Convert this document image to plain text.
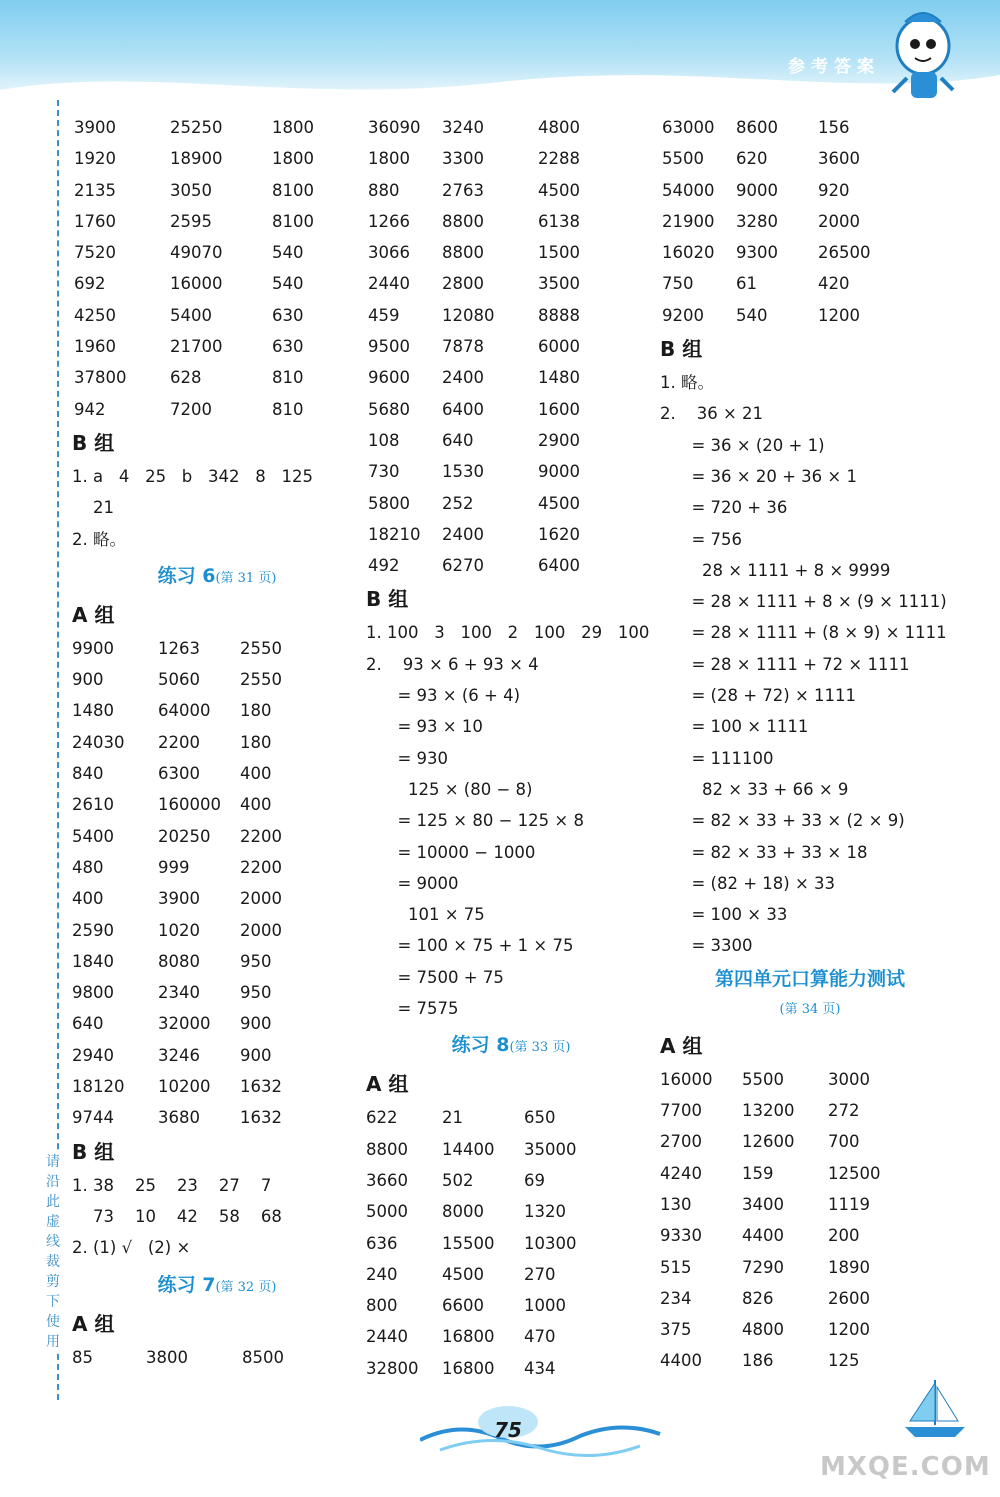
参考答案
请沿此虚线裁剪下使用
3900	25250	1800
1920	18900	1800
2135	3050	8100
1760	2595	8100
7520	49070	540
692	16000	540
4250	5400	630
1960	21700	630
37800	628	810
942	7200	810
B 组
1. a   4   25   b   342   8   125
21
2. 略。
练习 6(第 31 页)
A 组
9900	1263 2550
900	5060 2550
1480	64000 180
24030 2200 180
840	6300 400
2610	160000 400
5400	20250 2200
480	999	2200
400	3900 2000
2590	1020 2000
1840	8080 950
9800	2340 950
640	32000 900
2940	3246 900
18120 10200 1632
9744	3680 1632
B 组
1. 38    25    23    27    7
73    10    42    58    68
2. (1) √   (2) ×
练习 7(第 32 页)
A 组
85	3800	8500
36090 3240	4800
1800 3300	2288
880	2763	4500
1266 8800	6138
3066 8800	1500
2440 2800	3500
459	12080	8888
9500 7878	6000
9600 2400	1480
5680 6400	1600
108	640	2900
730	1530	9000
5800 252	4500
18210 2400	1620
492	6270	6400
B 组
1. 100   3   100   2   100   29   100
2.    93 × 6 + 93 × 4
= 93 × (6 + 4)
= 93 × 10
= 930
125 × (80 − 8)
= 125 × 80 − 125 × 8
= 10000 − 1000
= 9000
101 × 75
= 100 × 75 + 1 × 75
= 7500 + 75
= 7575
练习 8(第 33 页)
A 组
622	21	650
8800 14400 35000
3660 502	69
5000 8000 1320
636	15500 10300
240	4500 270
800	6600 1000
2440 16800 470
32800 16800 434
63000 8600 156
5500 620	3600
54000 9000 920
21900 3280 2000
16020 9300 26500
750	61	420
9200 540	1200
B 组
1. 略。
2.    36 × 21
= 36 × (20 + 1)
= 36 × 20 + 36 × 1
= 720 + 36
= 756
28 × 1111 + 8 × 9999
= 28 × 1111 + 8 × (9 × 1111)
= 28 × 1111 + (8 × 9) × 1111
= 28 × 1111 + 72 × 1111
= (28 + 72) × 1111
= 100 × 1111
= 111100
82 × 33 + 66 × 9
= 82 × 33 + 33 × (2 × 9)
= 82 × 33 + 33 × 18
= (82 + 18) × 33
= 100 × 33
= 3300
第四单元口算能力测试
(第 34 页)
A 组
16000 5500	3000
7700 13200 272
2700 12600 700
4240 159	12500
130	3400	1119
9330 4400	200
515	7290	1890
234	826	2600
375	4800	1200
4400 186	125
75
MXQE.COM
